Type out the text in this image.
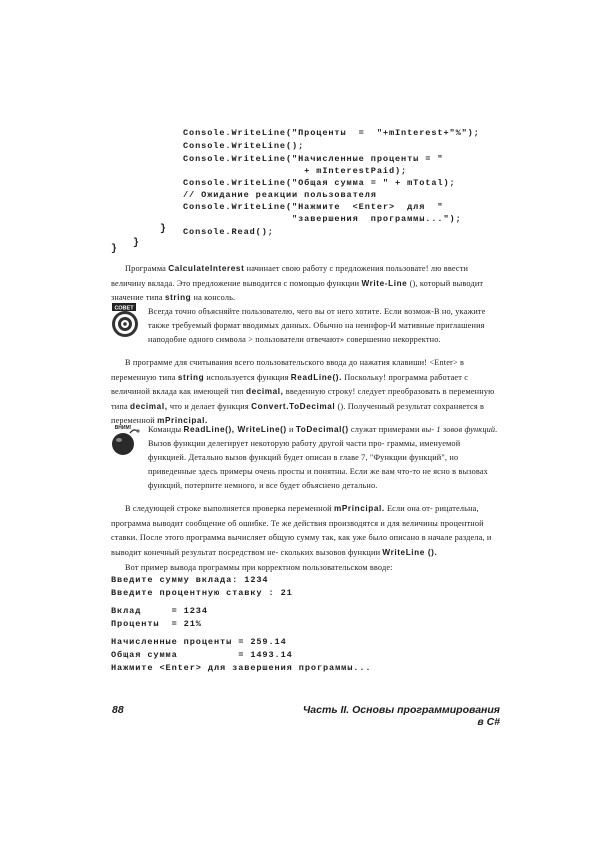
Console.WriteLine("Проценты  =  "+mInterest+"%");
Console.WriteLine();
Console.WriteLine("Начисленные проценты = "
+ mInterestPaid);
Console.WriteLine("Общая сумма = " + mTotal);
// Ожидание реакции пользователя
Console.WriteLine("Нажмите  <Enter>  для  "
"завершения  программы...");
Console.Read();
}
}
}
Программа CalculateInterest начинает свою работу с предложения пользовате! лю ввести величину вклада. Это предложение выводится с помощью функции Write-Line (), который выводит значение типа string на консоль.
СОВЕТ Всегда точно объясняйте пользователю, чего вы от него хотите. Если возмож-В но, укажите также требуемый формат вводимых данных. Обычно на неинфор-И мативные приглашения наподобие одного символа > пользователи отвечают» совершенно некорректно.
В программе для считывания всего пользовательского ввода до нажатия клавиши! <Enter> в переменную типа string используется функция ReadLine(). Поскольку! программа работает с величиной вклада как имеющей тип decimal, введенную строку! следует преобразовать в переменную типа decimal, что и делает функция Convert.ToDecimal (). Полученный результат сохраняется в переменной mPrincipal.
ВНИМ! Команды ReadLine(), WriteLine() и ToDecimal() служат примерами вы- 1 зовов функций. Вызов функции делегирует некоторую работу другой части про- граммы, именуемой функцией. Детально вызов функций будет описан в главе 7, "Функции функций", но приведенные здесь примеры очень просты и понятны. Если же вам что-то не ясно в вызовах функций, потерпите немного, и все будет объяснено детально.
В следующей строке выполняется проверка переменной mPrincipal. Если она от- рицательна, программа выводит сообщение об ошибке. Те же действия производятся и для величины процентной ставки. После этого программа вычисляет общую сумму так, как уже было описано в начале раздела, и выводит конечный результат посредством не- скольких вызовов функции WriteLine ().
Вот пример вывода программы при корректном пользовательском вводе:
Введите сумму вклада: 1234
Введите процентную ставку : 21
Вклад     = 1234
Проценты  = 21%
Начисленные проценты = 259.14
Общая сумма          = 1493.14
Нажмите <Enter> для завершения программы...
88	Часть II. Основы программирования в C#
